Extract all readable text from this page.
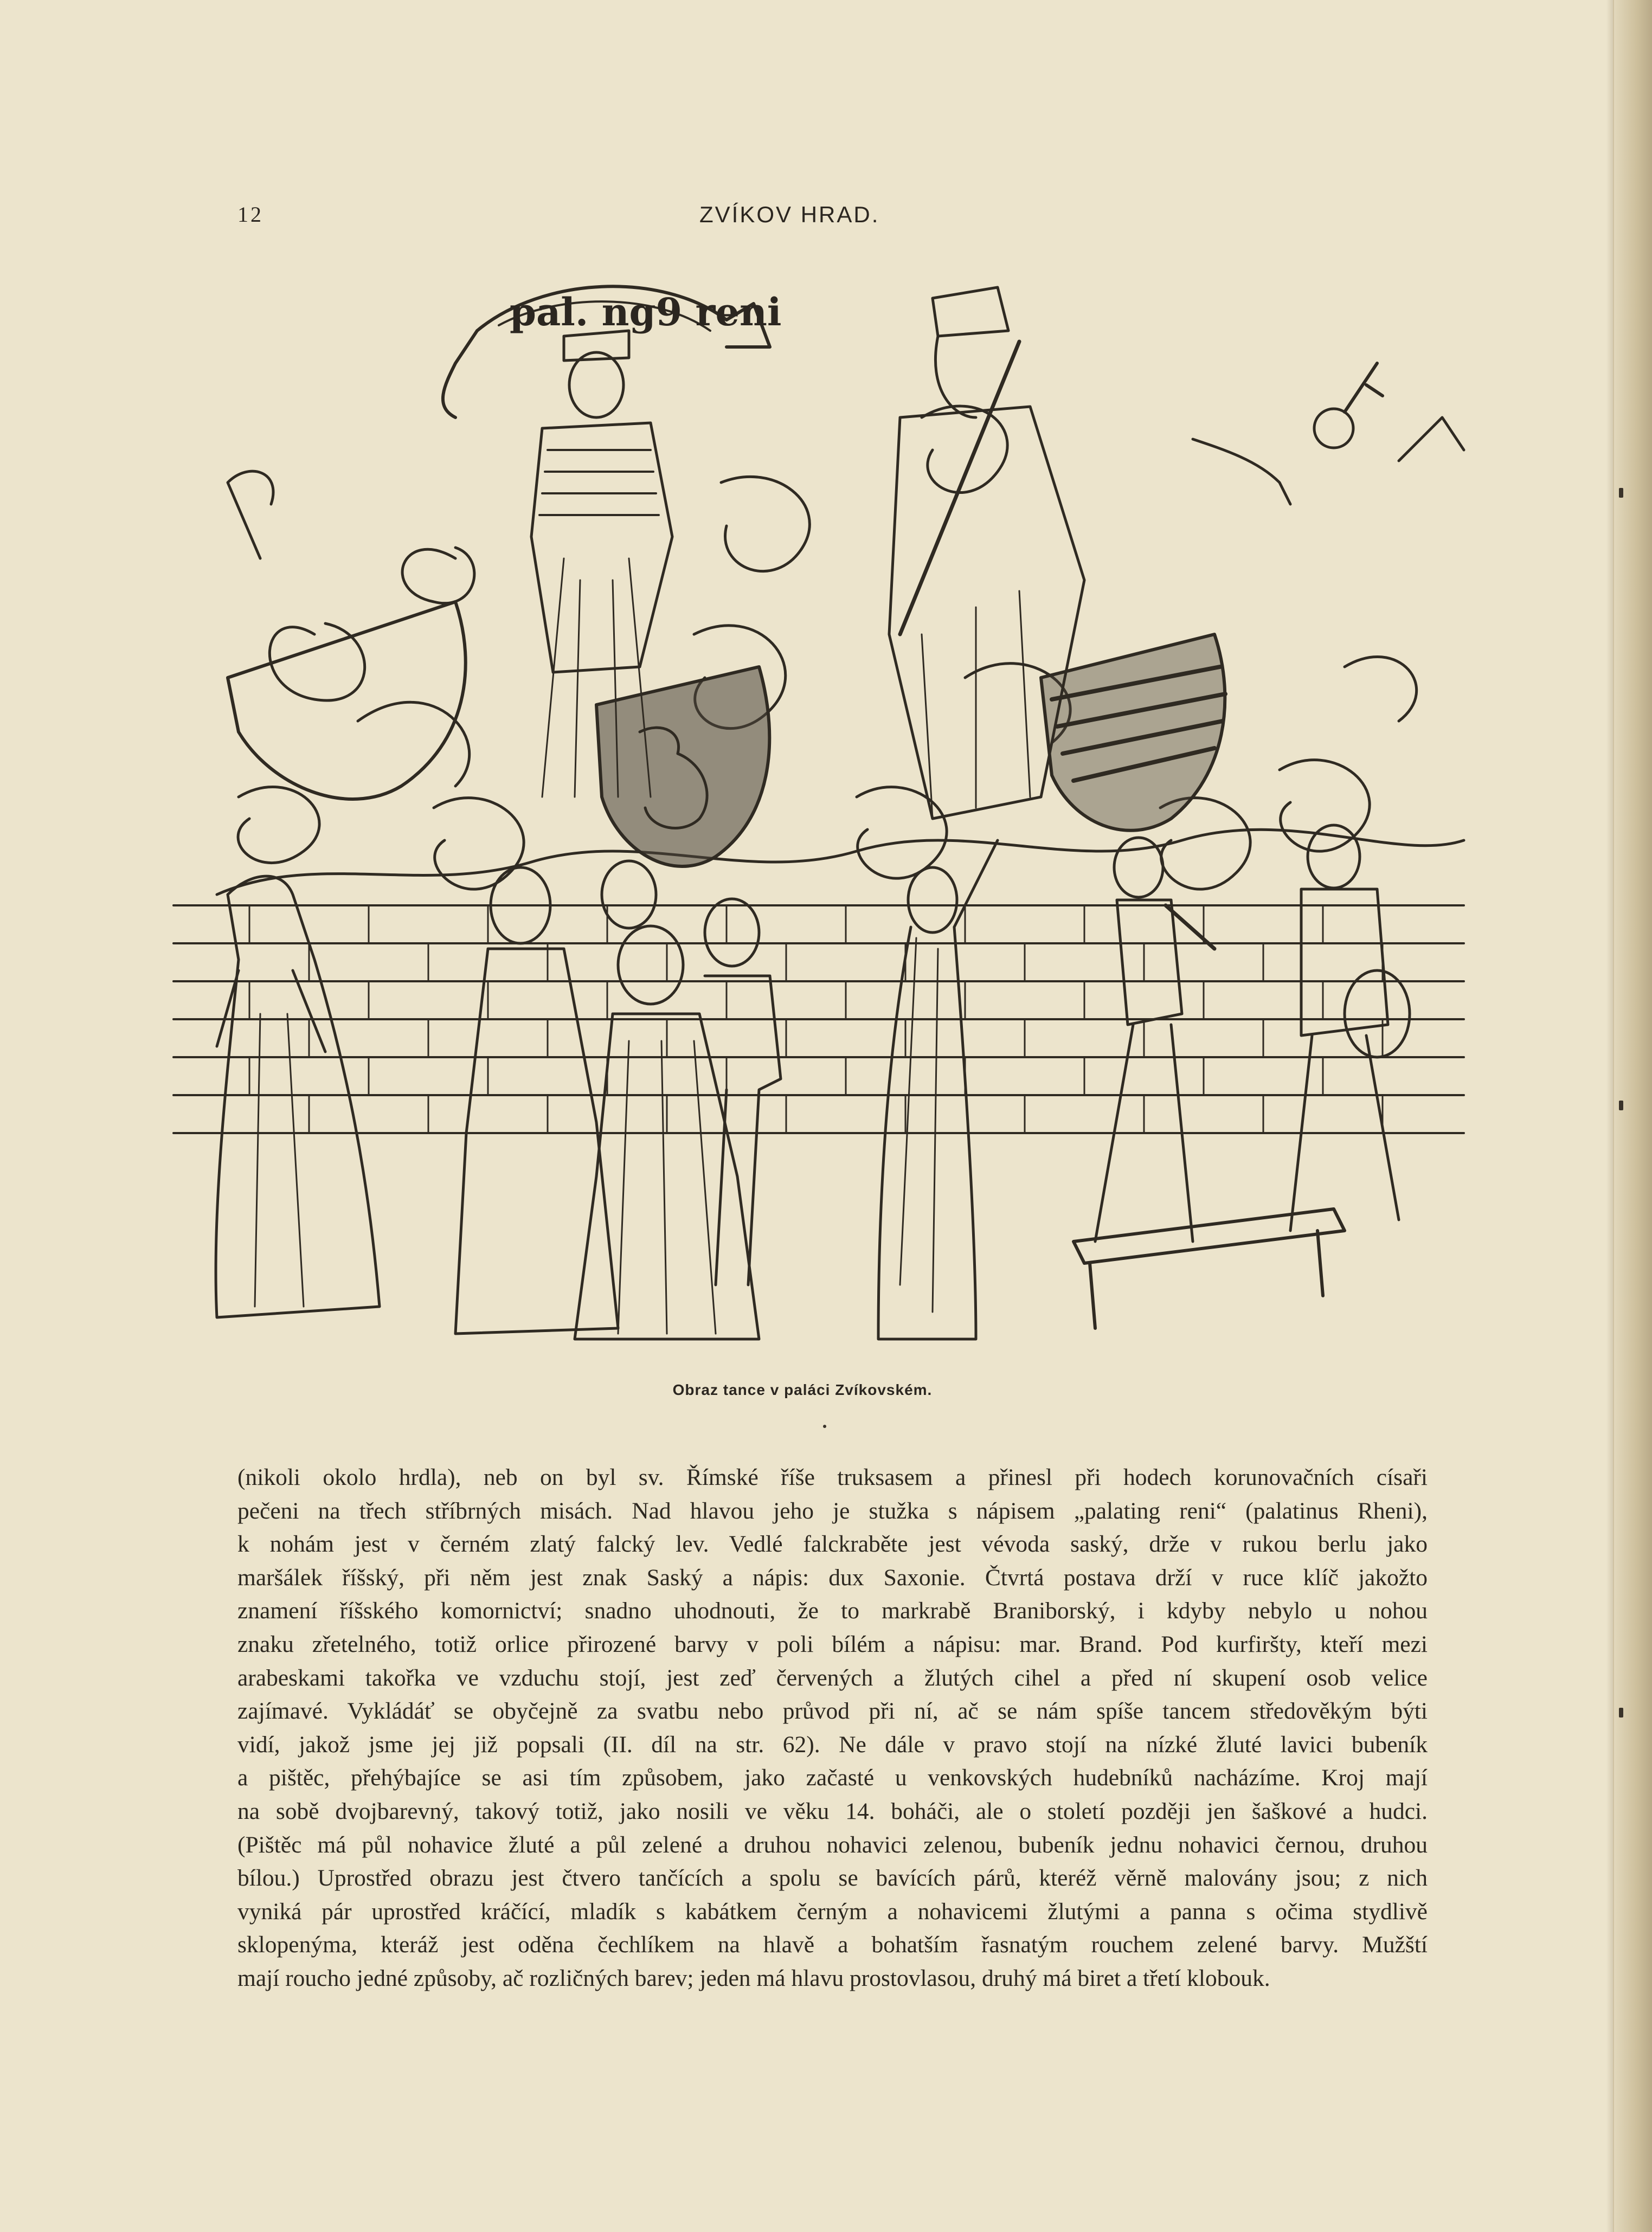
12	ZVÍKOV HRAD.
pal. ng9 reni
Obraz tance v paláci Zvíkovském.
(nikoli okolo hrdla), neb on byl sv. Římské říše truksasem a přinesl při hodech korunovačních císaři
pečeni na třech stříbrných misách. Nad hlavou jeho je stužka s nápisem „palating reni“ (palatinus Rheni),
k nohám jest v černém zlatý falcký lev. Vedlé falckraběte jest vévoda saský, drže v rukou berlu jako
maršálek říšský, při něm jest znak Saský a nápis: dux Saxonie. Čtvrtá postava drží v ruce klíč jakožto
znamení říšského komornictví; snadno uhodnouti, že to markrabě Braniborský, i kdyby nebylo u nohou
znaku zřetelného, totiž orlice přirozené barvy v poli bílém a nápisu: mar. Brand. Pod kurfiršty, kteří mezi
arabeskami takořka ve vzduchu stojí, jest zeď červených a žlutých cihel a před ní skupení osob velice
zajímavé. Vykládáť se obyčejně za svatbu nebo průvod při ní, ač se nám spíše tancem středověkým býti
vidí, jakož jsme jej již popsali (II. díl na str. 62). Ne dále v pravo stojí na nízké žluté lavici bubeník
a pištěc, přehýbajíce se asi tím způsobem, jako začasté u venkovských hudebníků nacházíme. Kroj mají
na sobě dvojbarevný, takový totiž, jako nosili ve věku 14. boháči, ale o století později jen šaškové a hudci.
(Pištěc má půl nohavice žluté a půl zelené a druhou nohavici zelenou, bubeník jednu nohavici černou, druhou
bílou.) Uprostřed obrazu jest čtvero tančících a spolu se bavících párů, kteréž věrně malovány jsou; z nich
vyniká pár uprostřed kráčící, mladík s kabátkem černým a nohavicemi žlutými a panna s očima stydlivě
sklopenýma, kteráž jest oděna čechlíkem na hlavě a bohatším řasnatým rouchem zelené barvy. Mužští
mají roucho jedné způsoby, ač rozličných barev; jeden má hlavu prostovlasou, druhý má biret a třetí klobouk.
